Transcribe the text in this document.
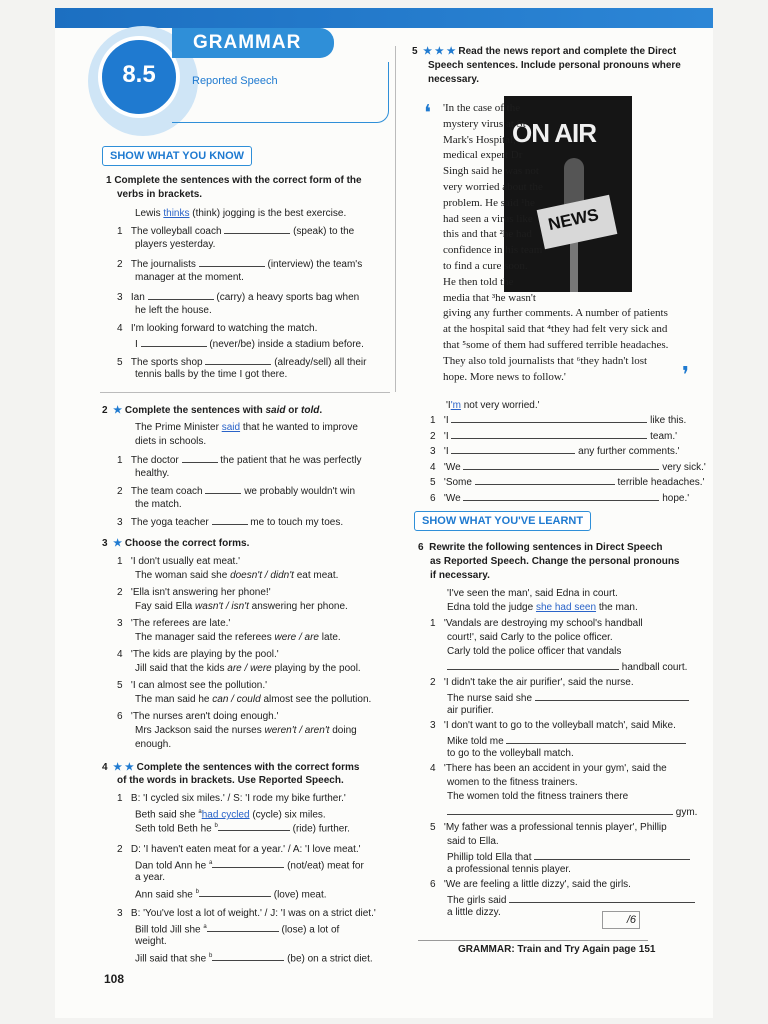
8.5
GRAMMAR
Reported Speech
SHOW WHAT YOU KNOW
1 Complete the sentences with the correct form of the
verbs in brackets.
Lewis thinks (think) jogging is the best exercise.
1 The volleyball coach	(speak) to the
players yesterday.
2 The journalists	(interview) the team's
manager at the moment.
3 Ian	(carry) a heavy sports bag when
he left the house.
4 I'm looking forward to watching the match.
I	(never/be) inside a stadium before.
5 The sports shop	(already/sell) all their
tennis balls by the time I got there.
2 ★ Complete the sentences with said or told.
The Prime Minister said that he wanted to improve
diets in schools.
1 The doctor	the patient that he was perfectly
healthy.
2 The team coach	we probably wouldn't win
the match.
3 The yoga teacher	me to touch my toes.
3 ★ Choose the correct forms.
1 'I don't usually eat meat.'
The woman said she doesn't / didn't eat meat.
2 'Ella isn't answering her phone!'
Fay said Ella wasn't / isn't answering her phone.
3 'The referees are late.'
The manager said the referees were / are late.
4 'The kids are playing by the pool.'
Jill said that the kids are / were playing by the pool.
5 'I can almost see the pollution.'
The man said he can / could almost see the pollution.
6 'The nurses aren't doing enough.'
Mrs Jackson said the nurses weren't / aren't doing
enough.
4 ★ ★ Complete the sentences with the correct forms
of the words in brackets. Use Reported Speech.
1 B: 'I cycled six miles.' / S: 'I rode my bike further.'
Beth said she $^a$had cycled (cycle) six miles.
Seth told Beth he $^b$	(ride) further.
2 D: 'I haven't eaten meat for a year.' / A: 'I love meat.'
Dan told Ann he $^a$	(not/eat) meat for
a year.
Ann said she $^b$	(love) meat.
3 B: 'You've lost a lot of weight.' / J: 'I was on a strict diet.'
Bill told Jill she $^a$	(lose) a lot of
weight.
Jill said that she $^b$	(be) on a strict diet.
108
5 ★ ★ ★ Read the news report and complete the Direct
Speech sentences. Include personal pronouns where
necessary.
❛
❜
ON AIR
NEWS
'In the case of the
mystery virus at St
Mark's Hospital,
medical expert Dr
Singh said he was not
very worried about the
problem. He said ¹he
had seen a virus like
this and that ²he had
confidence in his team
to find a cure soon.
He then told the
media that ³he wasn't
giving any further comments. A number of patients
at the hospital said that ⁴they had felt very sick and
that ⁵some of them had suffered terrible headaches.
They also told journalists that ⁶they hadn't lost
hope. More news to follow.'
'I'm not very worried.'
1 'I	like this.
2 'I	team.'
3 'I	any further comments.'
4 'We	very sick.'
5 'Some	terrible headaches.'
6 'We	hope.'
SHOW WHAT YOU'VE LEARNT
6 Rewrite the following sentences in Direct Speech
as Reported Speech. Change the personal pronouns
if necessary.
'I've seen the man', said Edna in court.
Edna told the judge she had seen the man.
1 'Vandals are destroying my school's handball
court!', said Carly to the police officer.
Carly told the police officer that vandals
handball court.
2 'I didn't take the air purifier', said the nurse.
The nurse said she
air purifier.
3 'I don't want to go to the volleyball match', said Mike.
Mike told me
to go to the volleyball match.
4 'There has been an accident in your gym', said the
women to the fitness trainers.
The women told the fitness trainers there
gym.
5 'My father was a professional tennis player', Phillip
said to Ella.
Phillip told Ella that
a professional tennis player.
6 'We are feeling a little dizzy', said the girls.
The girls said
a little dizzy.
/6
GRAMMAR: Train and Try Again page 151
